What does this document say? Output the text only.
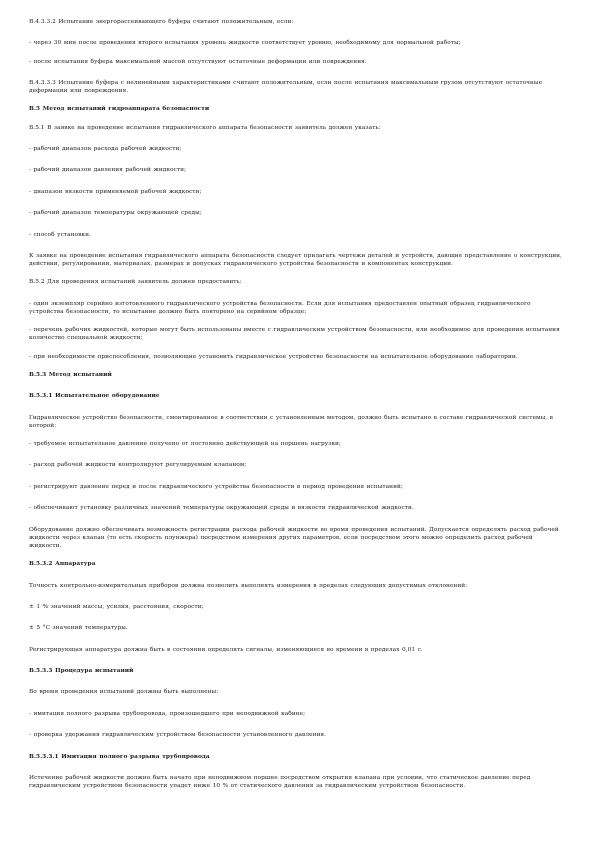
В.4.3.3.2 Испытание энергорассеивающего буфера считают положительным, если:

- через 30 мин после проведения второго испытания уровень жидкости соответствует уровню, необходимому для нормальной работы;

- после испытания буфера максимальной массой отсутствуют остаточные деформации или повреждения.

В.4.3.3.3 Испытание буфера с нелинейными характеристиками считают положительным, если после испытания максимальным грузом отсутствуют остаточные деформации или повреждения.

В.5 Метод испытаний гидроаппарата безопасности

В.5.1 В заявке на проведение испытания гидравлического аппарата безопасности заявитель должен указать:

- рабочий диапазон расхода рабочей жидкости;

- рабочий диапазон давления рабочей жидкости;

- диапазон вязкости применяемой рабочей жидкости;

- рабочий диапазон температуры окружающей среды;

- способ установки.

К заявке на проведение испытания гидравлического аппарата безопасности следует прилагать чертежи деталей и устройств, дающие представление о конструкции, действии, регулировании, материалах, размерах и допусках гидравлического устройства безопасности и компонентах конструкции.

В.5.2 Для проведения испытаний заявитель должен предоставить:

- один экземпляр серийно изготовленного гидравлического устройства безопасности. Если для испытания предоставлен опытный образец гидравлического устройства безопасности, то испытание должно быть повторено на серийном образце;

- перечень рабочих жидкостей, которые могут быть использованы вместе с гидравлическим устройством безопасности, или необходимое для проведения испытания количество специальной жидкости;

- при необходимости приспособления, позволяющие установить гидравлическое устройство безопасности на испытательное оборудование лаборатории.

В.5.3 Метод испытаний

В.5.3.1 Испытательное оборудование

Гидравлическое устройство безопасности, смонтированное в соответствии с установленным методом, должно быть испытано в составе гидравлической системы, в которой:

- требуемое испытательное давление получено от постоянно действующей на поршень нагрузки;

- расход рабочей жидкости контролируют регулируемым клапаном;

- регистрируют давление перед и после гидравлического устройства безопасности в период проведения испытаний;

- обеспечивают установку различных значений температуры окружающей среды и вязкости гидравлической жидкости.

Оборудование должно обеспечивать возможность регистрации расхода рабочей жидкости во время проведения испытаний. Допускается определять расход рабочей жидкости через клапан (то есть скорость плунжера) посредством измерения других параметров, если посредством этого можно определить расход рабочей жидкости.

В.5.3.2 Аппаратура

Точность контрольно-измерительных приборов должна позволить выполнять измерения в пределах следующих допустимых отклонений:

± 1 % значений массы, усилия, расстояния, скорости;

± 5 °С значений температуры.

Регистрирующая аппаратура должна быть в состоянии определять сигналы, изменяющиеся во времени в пределах 0,01 с.

В.5.3.3 Процедура испытаний

Во время проведения испытаний должны быть выполнены:

- имитация полного разрыва трубопровода, произошедшего при неподвижной кабине;

- проверка удержания гидравлическим устройством безопасности установленного давления.

В.5.3.3.1 Имитация полного разрыва трубопровода

Истечение рабочей жидкости должно быть начато при неподвижном поршне посредством открытия клапана при условии, что статическое давление перед гидравлическим устройством безопасности упадет ниже 10 % от статического давления за гидравлическим устройством безопасности.
